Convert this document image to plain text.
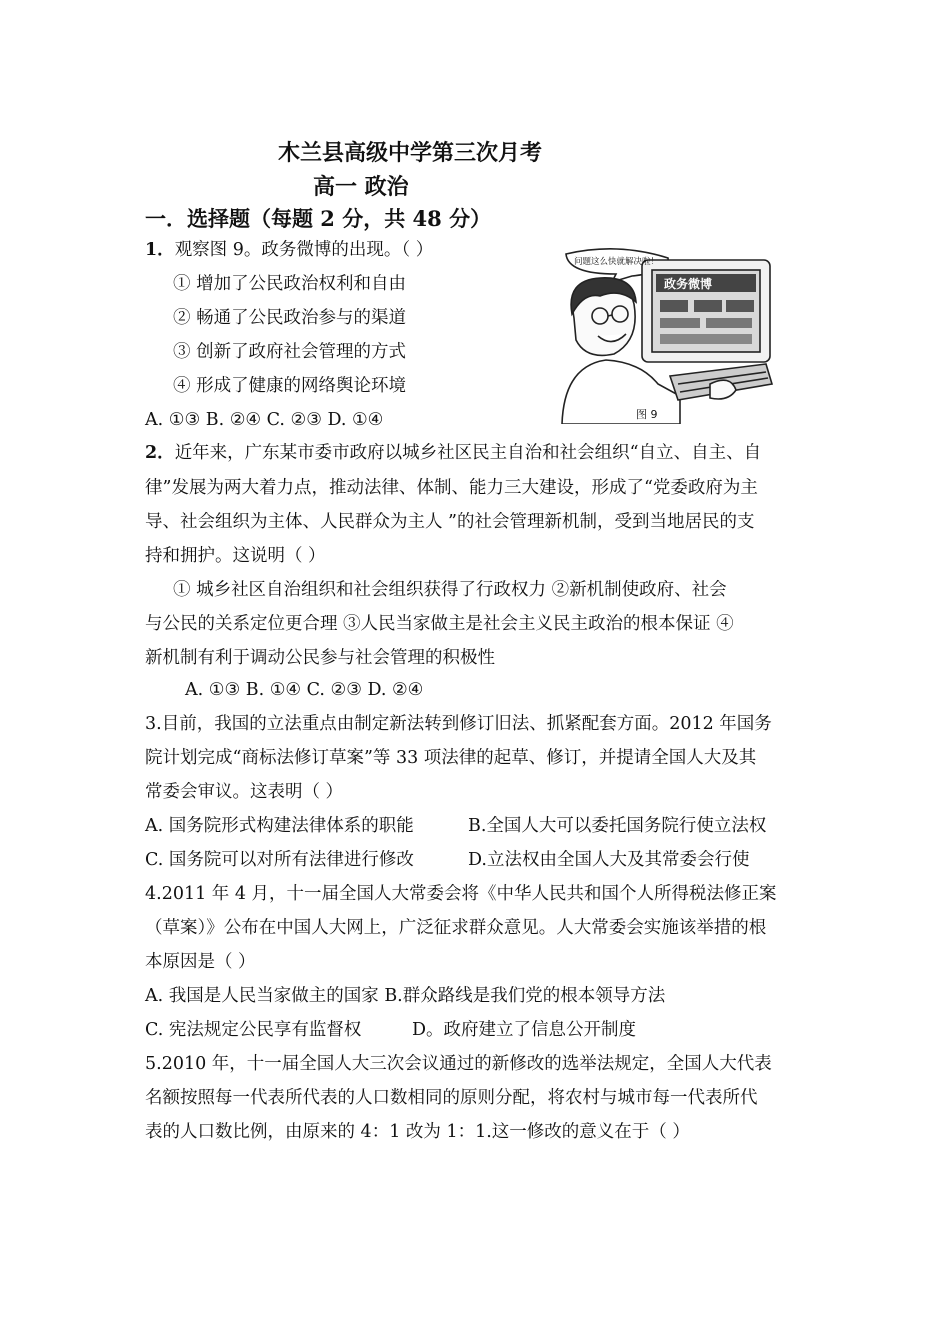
木兰县高级中学第三次月考
高一 政治
一．选择题（每题 2 分，共 48 分）
1．观察图 9。政务微博的出现。（ ）
① 增加了公民政治权利和自由
② 畅通了公民政治参与的渠道
③ 创新了政府社会管理的方式
④ 形成了健康的网络舆论环境
A. ①③ B. ②④ C. ②③ D. ①④
问题这么快就解决啦！
政务微博
图 9
2．近年来，广东某市委市政府以城乡社区民主自治和社会组织“自立、自主、自
律”发展为两大着力点，推动法律、体制、能力三大建设，形成了“党委政府为主
导、社会组织为主体、人民群众为主人 ”的社会管理新机制，受到当地居民的支
持和拥护。这说明（ ）
① 城乡社区自治组织和社会组织获得了行政权力 ②新机制使政府、社会
与公民的关系定位更合理 ③人民当家做主是社会主义民主政治的根本保证 ④
新机制有利于调动公民参与社会管理的积极性
A. ①③ B. ①④ C. ②③ D. ②④
3.目前，我国的立法重点由制定新法转到修订旧法、抓紧配套方面。2012 年国务
院计划完成“商标法修订草案”等 33 项法律的起草、修订，并提请全国人大及其
常委会审议。这表明（ ）
A. 国务院形式构建法律体系的职能	B.全国人大可以委托国务院行使立法权
C. 国务院可以对所有法律进行修改	D.立法权由全国人大及其常委会行使
4.2011 年 4 月，十一届全国人大常委会将《中华人民共和国个人所得税法修正案
（草案）》公布在中国人大网上，广泛征求群众意见。人大常委会实施该举措的根
本原因是（ ）
A. 我国是人民当家做主的国家 B.群众路线是我们党的根本领导方法
C. 宪法规定公民享有监督权	D。政府建立了信息公开制度
5.2010 年，十一届全国人大三次会议通过的新修改的选举法规定，全国人大代表
名额按照每一代表所代表的人口数相同的原则分配，将农村与城市每一代表所代
表的人口数比例，由原来的 4：1 改为 1：1.这一修改的意义在于（ ）
